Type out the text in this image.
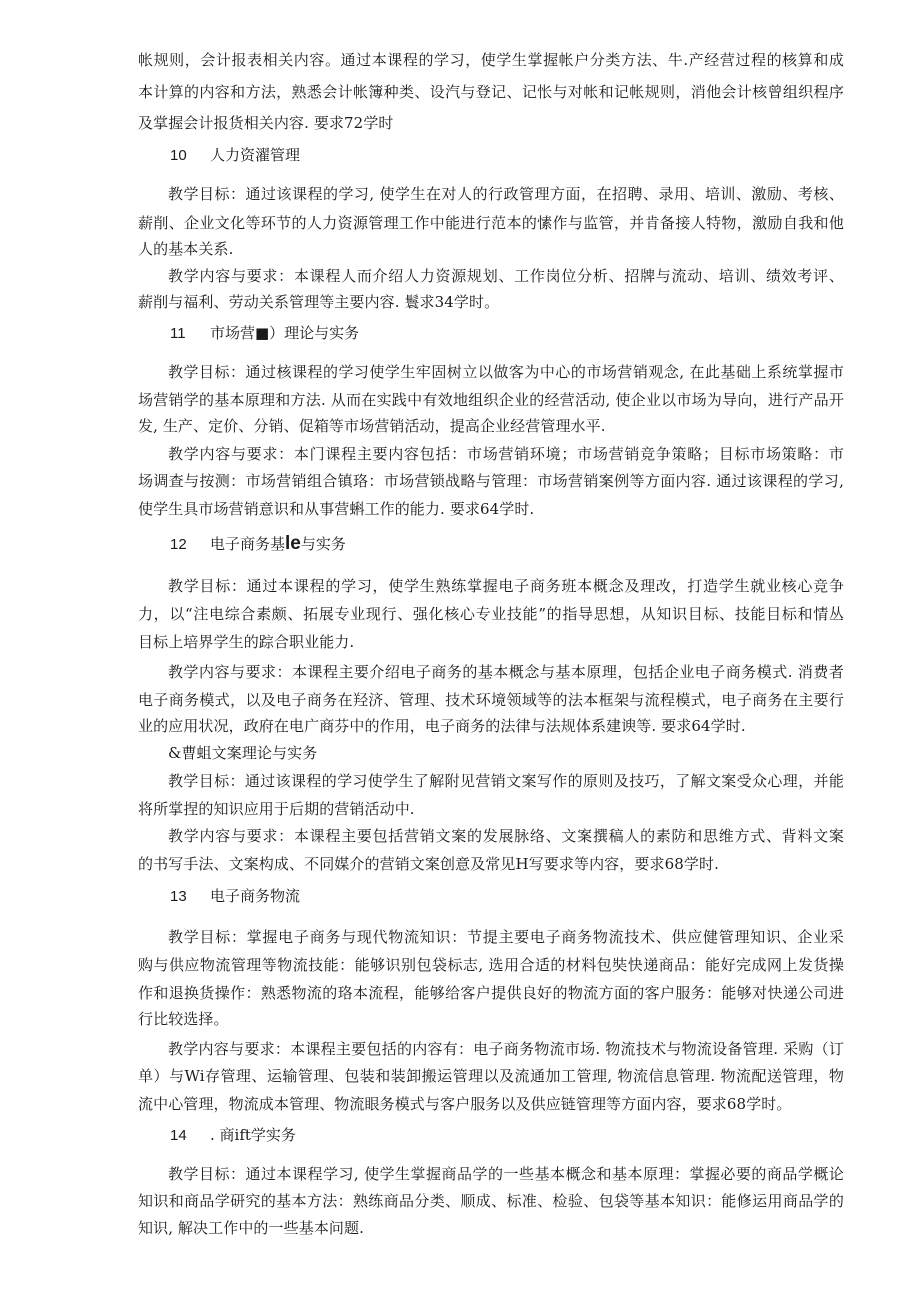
帐规则，会计报表相关内容。通过本课程的学习，使学生掌握帐户分类方法、牛.产经营过程的核算和成
本计算的内容和方法，熟悉会计帐簿种类、设汽与登记、记怅与对帐和记帐规则，消他会计核曾组织程序
及掌握会计报货相关内容. 要求72学时
10 人力资濯管理
教学目标：通过该课程的学习, 使学生在对人的行政管理方面，在招聘、录用、培训、激励、考核、
薪削、企业文化等环节的人力资源管理工作中能进行范本的愫作与监管，并肯备接人特物，激励自我和他
人的基本关系.
教学内容与要求：本课程人而介绍人力资源规划、工作岗位分析、招牌与流动、培训、绩效考评、
薪削与福利、劳动关系管理等主要内容. 鬟求34学时。
11 市场营■）理论与实务
教学目标：通过核课程的学习使学生牢固树立以做客为中心的市场营销观念, 在此基础上系统掌握市
场营销学的基本原理和方法. 从而在实践中有效地组织企业的经营活动, 使企业以市场为导向，进行产品开
发, 生产、定价、分销、促箱等市场营销活动，提高企业经营管理水平.
教学内容与要求：本门课程主要内容包括：市场营销环境；市场营销竞争策略；目标市场策略：市
场调查与按测：市场营销组合镇珞：市场营锁战略与管理：市场营销案例等方面内容. 通过该课程的学习,
使学生具市场营销意识和从事营蝌工作的能力. 要求64学时.
12 电子商务基le与实务
教学目标：通过本课程的学习，使学生熟练掌握电子商务班本概念及理改，打造学生就业核心竞争
力，以“注电综合素颇、拓展专业现行、强化核心专业技能”的指导思想，从知识目标、技能目标和情丛
目标上培界学生的踪合职业能力.
教学内容与要求：本课程主要介绍电子商务的基本概念与基本原理，包括企业电子商务模式. 消费者
电子商务模式，以及电子商务在羟济、管理、技术环境领域等的法本框架与流程模式，电子商务在主要行
业的应用状况，政府在电广商芬中的作用，电子商务的法律与法规体系建谀等. 要求64学时.
&曹蛆文案理论与实务
教学目标：通过该课程的学习使学生了解附见营销文案写作的原则及技巧，了解文案受众心理，并能
将所掌捏的知识应用于后期的营销活动中.
教学内容与要求：本课程主要包括营销文案的发展脉络、文案撰稿人的素防和思维方式、背料文案
的书写手法、文案构成、不同媒介的营销文案创意及常见H写要求等内容，要求68学时.
13 电子商务物流
教学目标：掌握电子商务与现代物流知识：节提主要电子商务物流技术、供应健管理知识、企业采
购与供应物流管理等物流技能：能够识别包袋标志, 选用合适的材料包奘快递商品：能好完成网上发货操
作和退换货操作：熟悉物流的珞本流程，能够给客户提供良好的物流方面的客户服务：能够对快递公司进
行比较选择。
教学内容与要求：本课程主要包括的内容有：电子商务物流市场. 物流技术与物流设备管理. 采购（订
单）与Wi存管理、运输管理、包装和装卸搬运管理以及流通加工管理, 物流信息管理. 物流配送管理，物
流中心管理，物流成本管理、物流眼务模式与客户服务以及供应链管理等方面内容，要求68学时。
14 . 商ⅰft学实务
教学目标：通过本课程学习, 使学生掌握商品学的一些基本概念和基本原理：掌握必要的商品学概论
知识和商品学研究的基本方法：熟练商品分类、顺成、标准、检验、包袋等基本知识：能修运用商品学的
知识, 解决工作中的一些基本问题.
